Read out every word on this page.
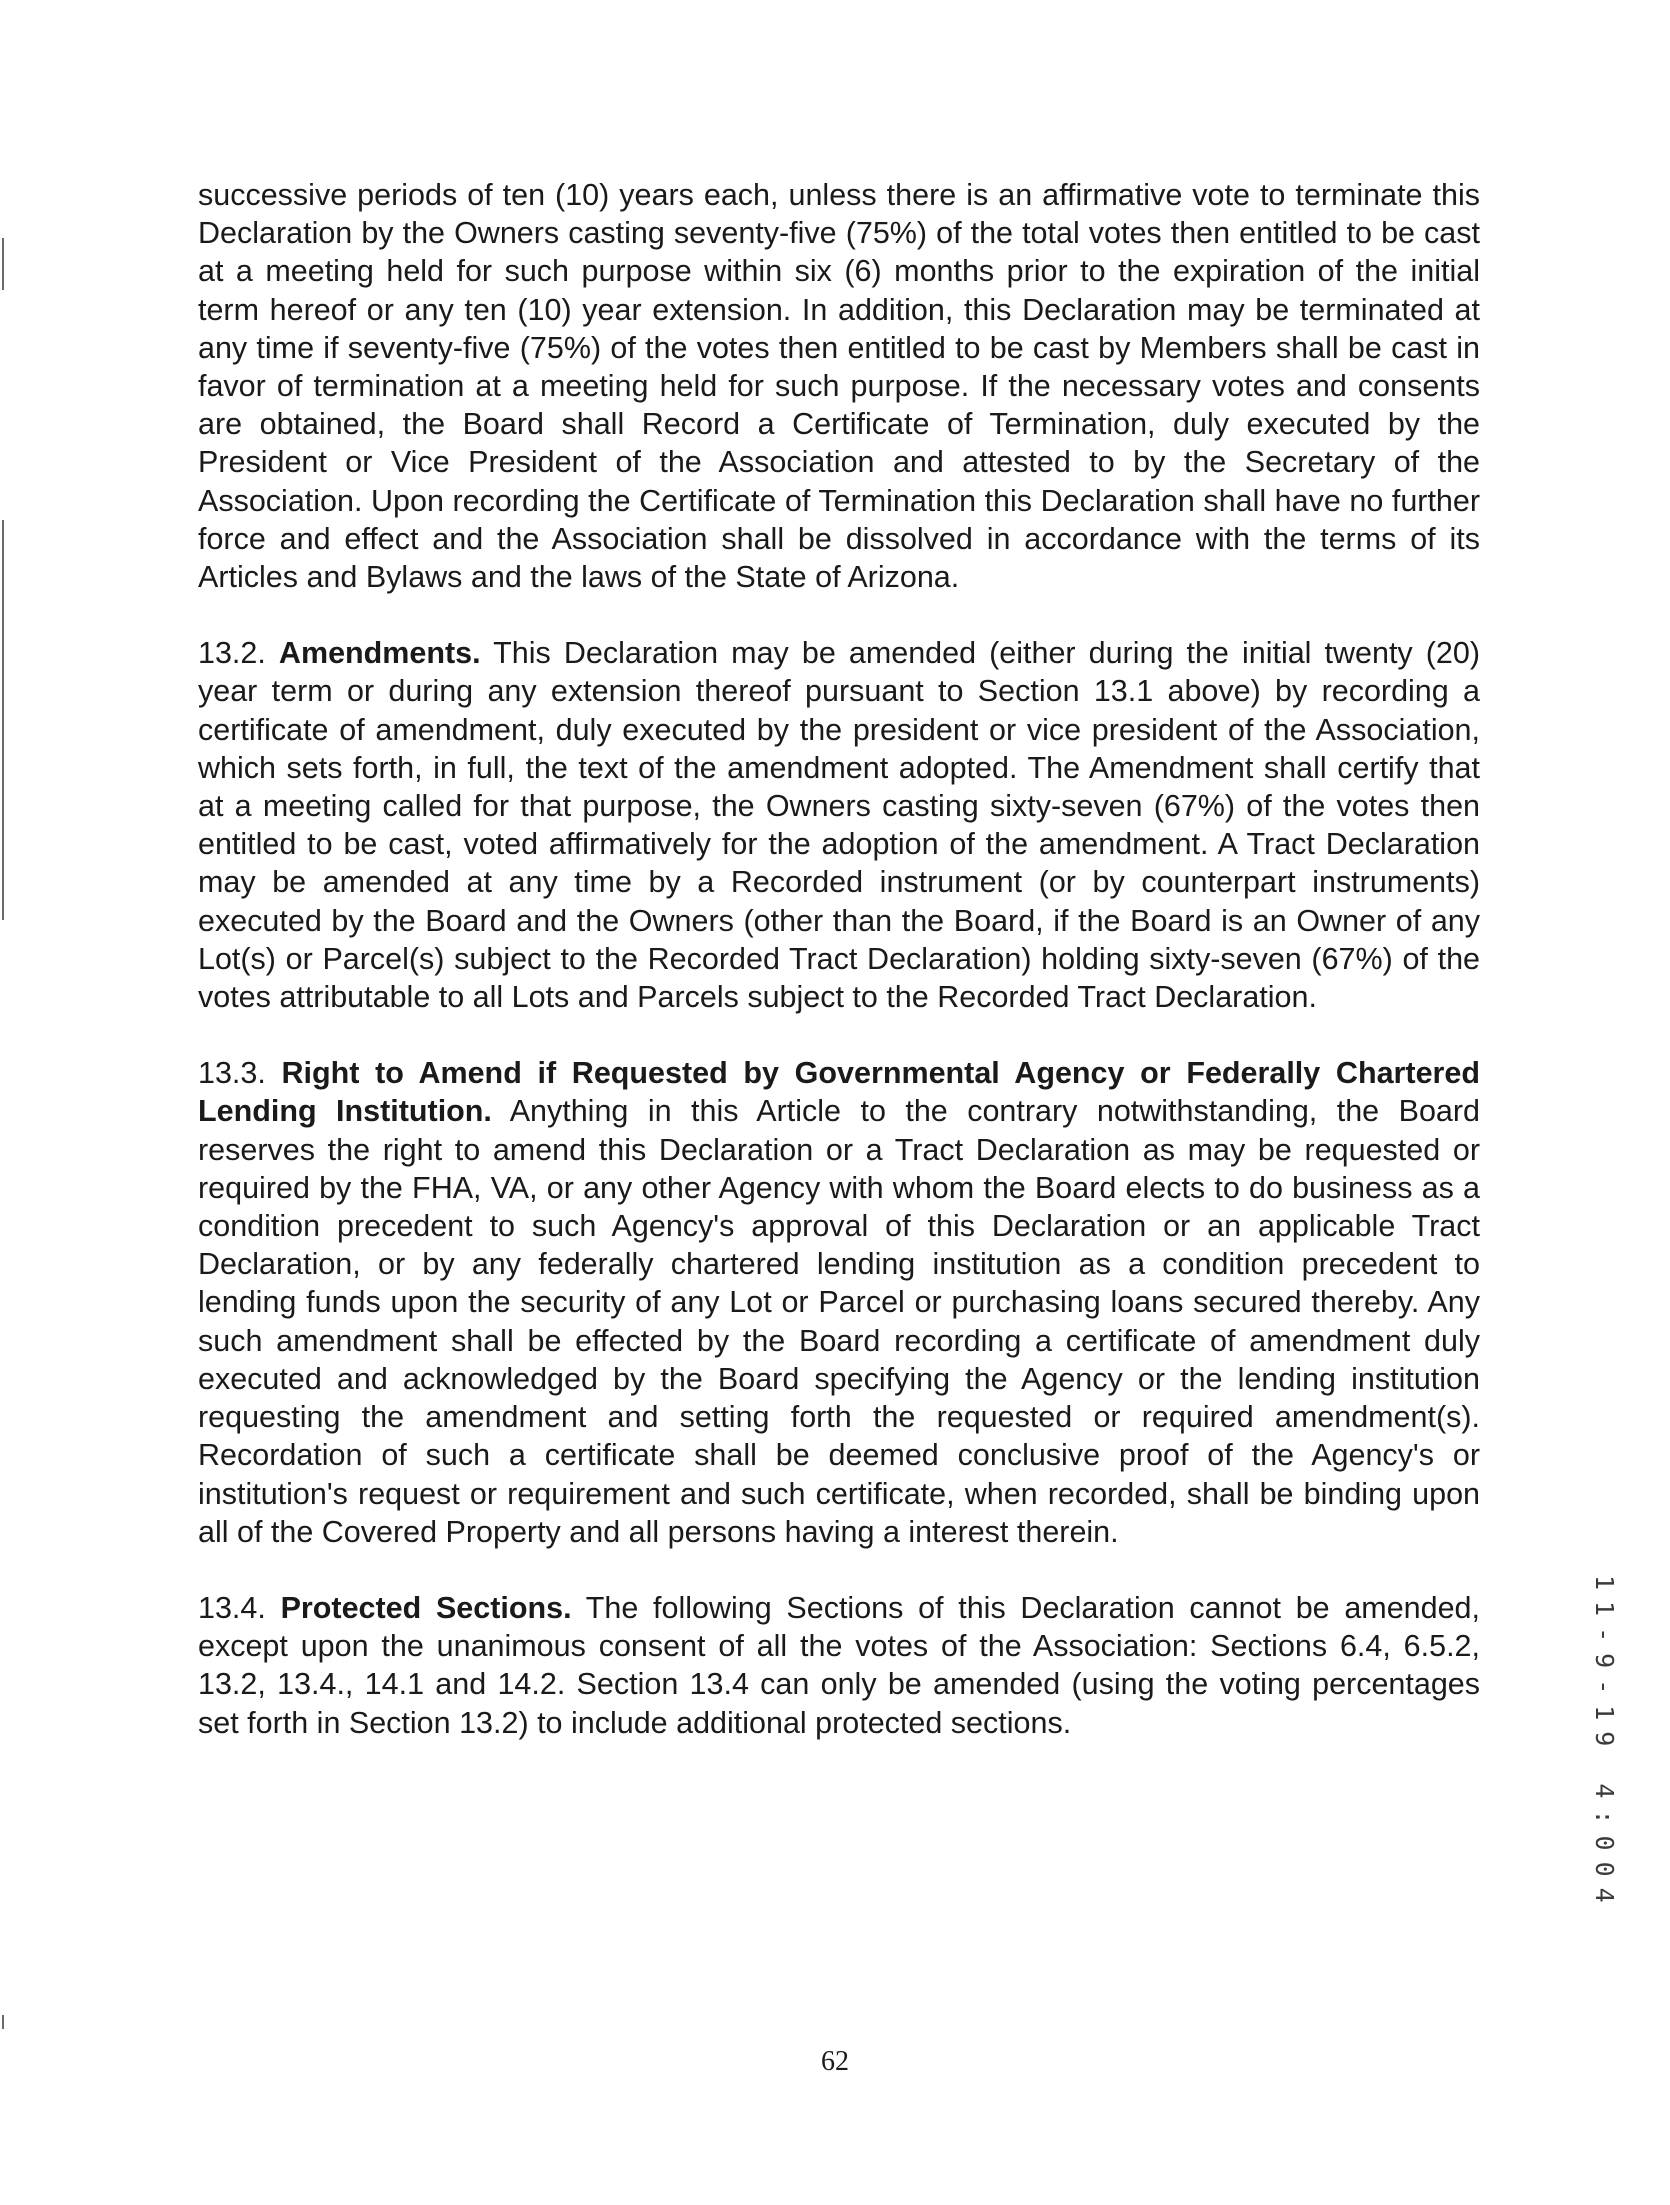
successive periods of ten (10) years each, unless there is an affirmative vote to terminate this Declaration by the Owners casting seventy-five (75%) of the total votes then entitled to be cast at a meeting held for such purpose within six (6) months prior to the expiration of the initial term hereof or any ten (10) year extension. In addition, this Declaration may be terminated at any time if seventy-five (75%) of the votes then entitled to be cast by Members shall be cast in favor of termination at a meeting held for such purpose. If the necessary votes and consents are obtained, the Board shall Record a Certificate of Termination, duly executed by the President or Vice President of the Association and attested to by the Secretary of the Association. Upon recording the Certificate of Termination this Declaration shall have no further force and effect and the Association shall be dissolved in accordance with the terms of its Articles and Bylaws and the laws of the State of Arizona.

13.2. Amendments. This Declaration may be amended (either during the initial twenty (20) year term or during any extension thereof pursuant to Section 13.1 above) by recording a certificate of amendment, duly executed by the president or vice president of the Association, which sets forth, in full, the text of the amendment adopted. The Amendment shall certify that at a meeting called for that purpose, the Owners casting sixty-seven (67%) of the votes then entitled to be cast, voted affirmatively for the adoption of the amendment. A Tract Declaration may be amended at any time by a Recorded instrument (or by counterpart instruments) executed by the Board and the Owners (other than the Board, if the Board is an Owner of any Lot(s) or Parcel(s) subject to the Recorded Tract Declaration) holding sixty-seven (67%) of the votes attributable to all Lots and Parcels subject to the Recorded Tract Declaration.

13.3. Right to Amend if Requested by Governmental Agency or Federally Chartered Lending Institution. Anything in this Article to the contrary notwithstanding, the Board reserves the right to amend this Declaration or a Tract Declaration as may be requested or required by the FHA, VA, or any other Agency with whom the Board elects to do business as a condition precedent to such Agency's approval of this Declaration or an applicable Tract Declaration, or by any federally chartered lending institution as a condition precedent to lending funds upon the security of any Lot or Parcel or purchasing loans secured thereby. Any such amendment shall be effected by the Board recording a certificate of amendment duly executed and acknowledged by the Board specifying the Agency or the lending institution requesting the amendment and setting forth the requested or required amendment(s). Recordation of such a certificate shall be deemed conclusive proof of the Agency's or institution's request or requirement and such certificate, when recorded, shall be binding upon all of the Covered Property and all persons having a interest therein.

13.4. Protected Sections. The following Sections of this Declaration cannot be amended, except upon the unanimous consent of all the votes of the Association: Sections 6.4, 6.5.2, 13.2, 13.4., 14.1 and 14.2. Section 13.4 can only be amended (using the voting percentages set forth in Section 13.2) to include additional protected sections.	11-9-19 4:004
62
